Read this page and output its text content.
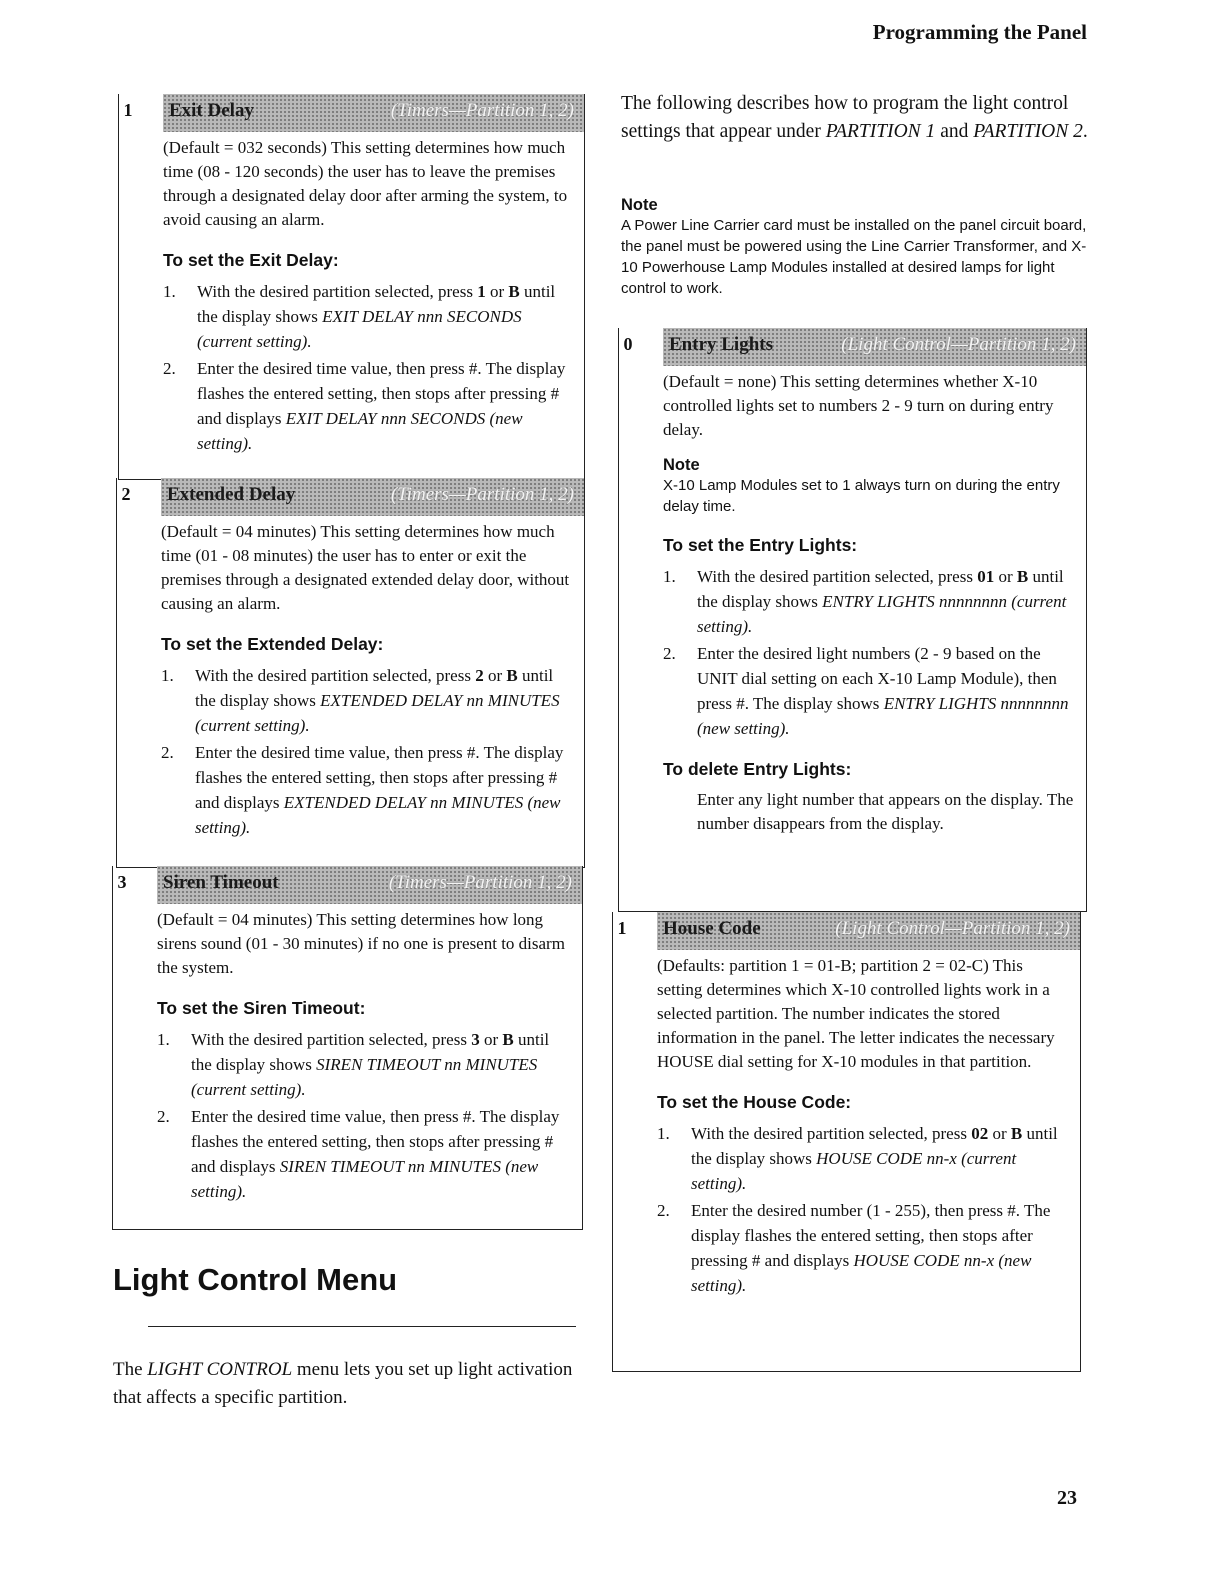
Programming the Panel
1	Exit Delay	(Timers—Partition 1, 2)
(Default = 032 seconds) This setting determines how much time (08 - 120 seconds) the user has to leave the premises through a designated delay door after arming the system, to avoid causing an alarm.
To set the Exit Delay:
1. With the desired partition selected, press 1 or B until the display shows EXIT DELAY nnn SECONDS (current setting).
2. Enter the desired time value, then press #. The display flashes the entered setting, then stops after pressing # and displays EXIT DELAY nnn SECONDS (new setting).
2	Extended Delay	(Timers—Partition 1, 2)
(Default = 04 minutes) This setting determines how much time (01 - 08 minutes) the user has to enter or exit the premises through a designated extended delay door, without causing an alarm.
To set the Extended Delay:
1. With the desired partition selected, press 2 or B until the display shows EXTENDED DELAY nn MINUTES (current setting).
2. Enter the desired time value, then press #. The display flashes the entered setting, then stops after pressing # and displays EXTENDED DELAY nn MINUTES (new setting).
3	Siren Timeout	(Timers—Partition 1, 2)
(Default = 04 minutes) This setting determines how long sirens sound (01 - 30 minutes) if no one is present to disarm the system.
To set the Siren Timeout:
1. With the desired partition selected, press 3 or B until the display shows SIREN TIMEOUT nn MINUTES (current setting).
2. Enter the desired time value, then press #. The display flashes the entered setting, then stops after pressing # and displays SIREN TIMEOUT nn MINUTES (new setting).
Light Control Menu
The LIGHT CONTROL menu lets you set up light activation that affects a specific partition.
The following describes how to program the light control settings that appear under PARTITION 1 and PARTITION 2.
Note
A Power Line Carrier card must be installed on the panel circuit board, the panel must be powered using the Line Carrier Transformer, and X-10 Powerhouse Lamp Modules installed at desired lamps for light control to work.
0	Entry Lights	(Light Control—Partition 1, 2)
(Default = none) This setting determines whether X-10 controlled lights set to numbers 2 - 9 turn on during entry delay.
Note
X-10 Lamp Modules set to 1 always turn on during the entry delay time.
To set the Entry Lights:
1. With the desired partition selected, press 01 or B until the display shows ENTRY LIGHTS nnnnnnnn (current setting).
2. Enter the desired light numbers (2 - 9 based on the UNIT dial setting on each X-10 Lamp Module), then press #. The display shows ENTRY LIGHTS nnnnnnnn (new setting).
To delete Entry Lights:
Enter any light number that appears on the display. The number disappears from the display.
1	House Code	(Light Control—Partition 1, 2)
(Defaults: partition 1 = 01-B; partition 2 = 02-C) This setting determines which X-10 controlled lights work in a selected partition. The number indicates the stored information in the panel. The letter indicates the necessary HOUSE dial setting for X-10 modules in that partition.
To set the House Code:
1. With the desired partition selected, press 02 or B until the display shows HOUSE CODE nn-x (current setting).
2. Enter the desired number (1 - 255), then press #. The display flashes the entered setting, then stops after pressing # and displays HOUSE CODE nn-x (new setting).
23
